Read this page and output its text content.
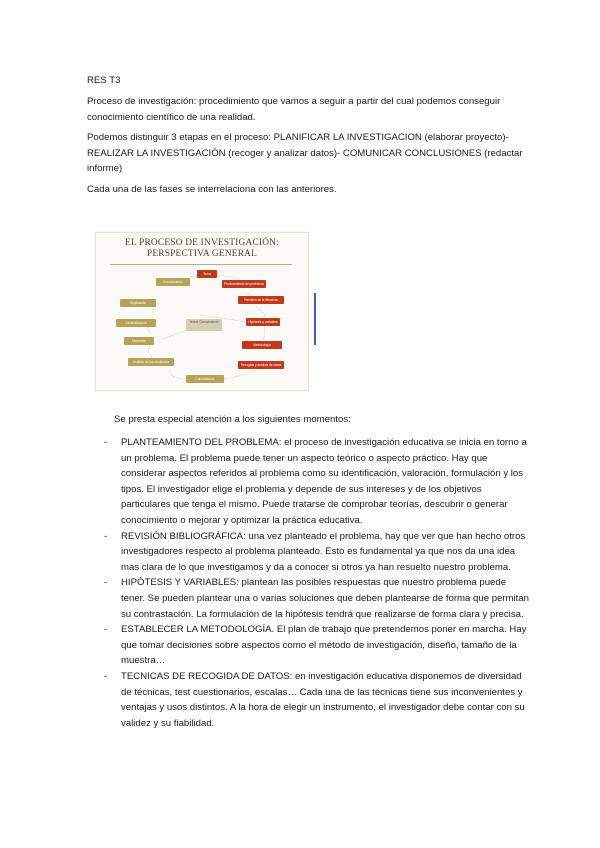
RES T3

Proceso de investigación: procedimiento que vamos a seguir a partir del cual podemos conseguir conocimiento científico de una realidad.

Podemos distinguir 3 etapas en el proceso: PLANIFICAR LA INVESTIGACION (elaborar proyecto)- REALIZAR LA INVESTIGACIÓN (recoger y analizar datos)- COMUNICAR CONCLUSIONES (redactar informe)

Cada una de las fases se interrelaciona con las anteriores.

EL PROCESO DE INVESTIGACIÓN:
PERSPECTIVA GENERAL
Tema
Planteamiento del problema
Revisión de la literatura
Hipótesis y variables
Metodología
Recogida y análisis de datos
Conclusiones
Conocimiento
Replicación
Generalización
Discusión
Análisis de los resultados
Teoría Conocimiento

Se presta especial atención a los siguientes momentos:

- PLANTEAMIENTO DEL PROBLEMA: el proceso de investigación educativa se inicia en torno a un problema. El problema puede tener un aspecto teórico o aspecto práctico. Hay que considerar aspectos referidos al problema como su identificación, valoración, formulación y los tipos. El investigador elige el problema y depende de sus intereses y de los objetivos particulares que tenga el mismo. Puede tratarse de comprobar teorías, descubrir o generar conocimiento o mejorar y optimizar la práctica educativa.
- REVISIÓN BIBLIOGRÁFICA: una vez planteado el problema, hay que ver que han hecho otros investigadores respecto al problema planteado. Esto es fundamental ya que nos da una idea mas clara de lo que investigamos y da a conocer si otros ya han resuelto nuestro problema.
- HIPÓTESIS Y VARIABLES: plantean las posibles respuestas que nuestro problema puede tener. Se pueden plantear una o varias soluciones que deben plantearse de forma que permitan su contrastación. La formulación de la hipótesis tendrá que realizarse de forma clara y precisa.
- ESTABLECER LA METODOLOGÍA. El plan de trabajo que pretendemos poner en marcha. Hay que tomar decisiones sobre aspectos como el método de investigación, diseño, tamaño de la muestra…
- TECNICAS DE RECOGIDA DE DATOS: en investigación educativa disponemos de diversidad de técnicas, test cuestionarios, escalas… Cada una de las técnicas tiene sus inconvenientes y ventajas y usos distintos. A la hora de elegir un instrumento, el investigador debe contar con su validez y su fiabilidad.
